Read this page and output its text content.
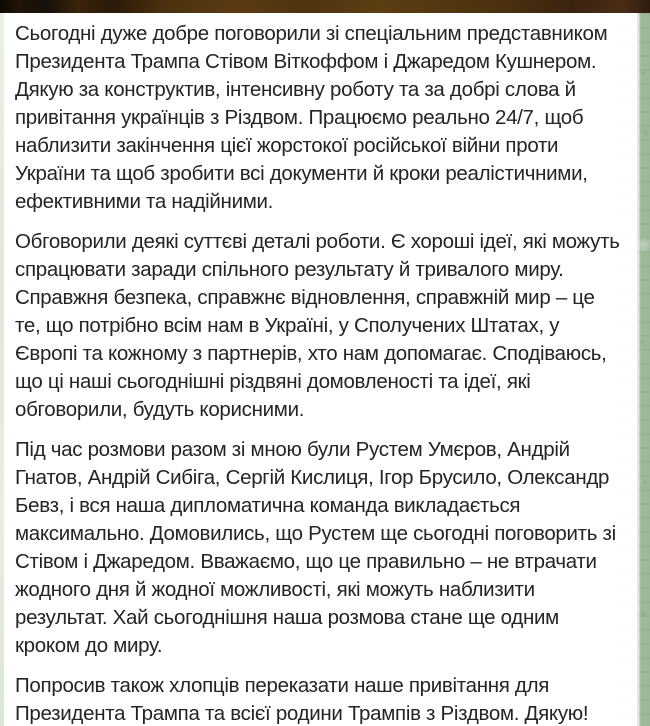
Сьогодні дуже добре поговорили зі спеціальним представником
Президента Трампа Стівом Віткоффом і Джаредом Кушнером.
Дякую за конструктив, інтенсивну роботу та за добрі слова й
привітання українців з Різдвом. Працюємо реально 24/7, щоб
наблизити закінчення цієї жорстокої російської війни проти
України та щоб зробити всі документи й кроки реалістичними,
ефективними та надійними.
Обговорили деякі суттєві деталі роботи. Є хороші ідеї, які можуть
спрацювати заради спільного результату й тривалого миру.
Справжня безпека, справжнє відновлення, справжній мир – це
те, що потрібно всім нам в Україні, у Сполучених Штатах, у
Європі та кожному з партнерів, хто нам допомагає. Сподіваюсь,
що ці наші сьогоднішні різдвяні домовленості та ідеї, які
обговорили, будуть корисними.
Під час розмови разом зі мною були Рустем Умєров, Андрій
Гнатов, Андрій Сибіга, Сергій Кислиця, Ігор Брусило, Олександр
Бевз, і вся наша дипломатична команда викладається
максимально. Домовились, що Рустем ще сьогодні поговорить зі
Стівом і Джаредом. Вважаємо, що це правильно – не втрачати
жодного дня й жодної можливості, які можуть наблизити
результат. Хай сьогоднішня наша розмова стане ще одним
кроком до миру.
Попросив також хлопців переказати наше привітання для
Президента Трампа та всієї родини Трампів з Різдвом. Дякую!
